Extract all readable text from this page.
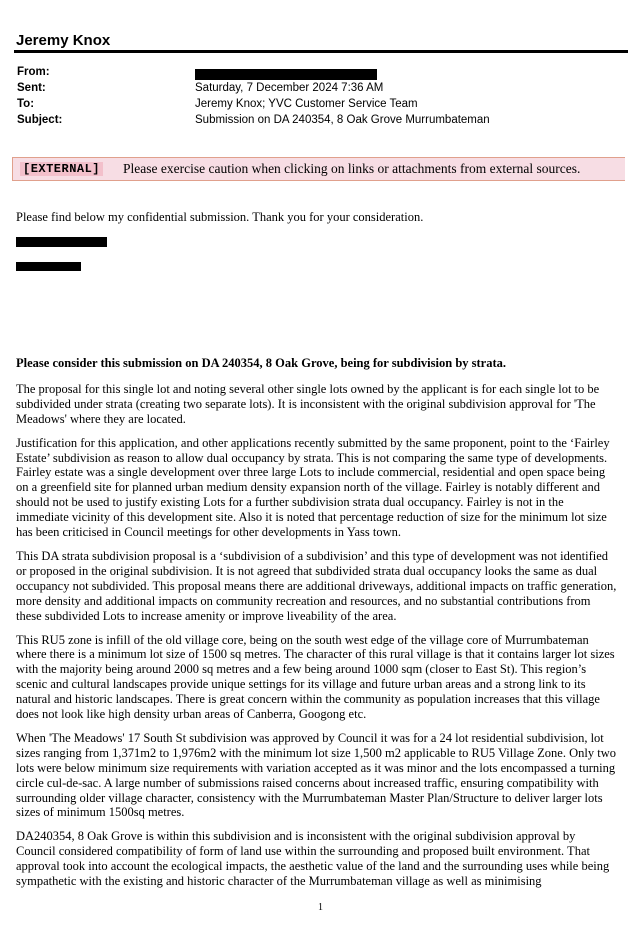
Jeremy Knox
From:
Sent:	Saturday, 7 December 2024 7:36 AM
To:	Jeremy Knox; YVC Customer Service Team
Subject:	Submission on DA 240354, 8 Oak Grove Murrumbateman
[EXTERNAL] Please exercise caution when clicking on links or attachments from external sources.
Please find below my confidential submission. Thank you for your consideration.

Please consider this submission on DA 240354, 8 Oak Grove, being for subdivision by strata.

The proposal for this single lot and noting several other single lots owned by the applicant is for each single lot to be subdivided under strata (creating two separate lots). It is inconsistent with the original subdivision approval for 'The Meadows' where they are located.

Justification for this application, and other applications recently submitted by the same proponent, point to the ‘Fairley Estate’ subdivision as reason to allow dual occupancy by strata. This is not comparing the same type of developments. Fairley estate was a single development over three large Lots to include commercial, residential and open space being on a greenfield site for planned urban medium density expansion north of the village. Fairley is notably different and should not be used to justify existing Lots for a further subdivision strata dual occupancy. Fairley is not in the immediate vicinity of this development site. Also it is noted that percentage reduction of size for the minimum lot size has been criticised in Council meetings for other developments in Yass town.

This DA strata subdivision proposal is a ‘subdivision of a subdivision’ and this type of development was not identified or proposed in the original subdivision. It is not agreed that subdivided strata dual occupancy looks the same as dual occupancy not subdivided. This proposal means there are additional driveways, additional impacts on traffic generation, more density and additional impacts on community recreation and resources, and no substantial contributions from these subdivided Lots to increase amenity or improve liveability of the area.

This RU5 zone is infill of the old village core, being on the south west edge of the village core of Murrumbateman where there is a minimum lot size of 1500 sq metres. The character of this rural village is that it contains larger lot sizes with the majority being around 2000 sq metres and a few being around 1000 sqm (closer to East St). This region’s scenic and cultural landscapes provide unique settings for its village and future urban areas and a strong link to its natural and historic landscapes. There is great concern within the community as population increases that this village does not look like high density urban areas of Canberra, Googong etc.

When 'The Meadows' 17 South St subdivision was approved by Council it was for a 24 lot residential subdivision, lot sizes ranging from 1,371m2 to 1,976m2 with the minimum lot size 1,500 m2 applicable to RU5 Village Zone. Only two lots were below minimum size requirements with variation accepted as it was minor and the lots encompassed a turning circle cul-de-sac. A large number of submissions raised concerns about increased traffic, ensuring compatibility with surrounding older village character, consistency with the Murrumbateman Master Plan/Structure to deliver larger lots sizes of minimum 1500sq metres.

DA240354, 8 Oak Grove is within this subdivision and is inconsistent with the original subdivision approval by Council considered compatibility of form of land use within the surrounding and proposed built environment. That approval took into account the ecological impacts, the aesthetic value of the land and the surrounding uses while being sympathetic with the existing and historic character of the Murrumbateman village as well as minimising

1
